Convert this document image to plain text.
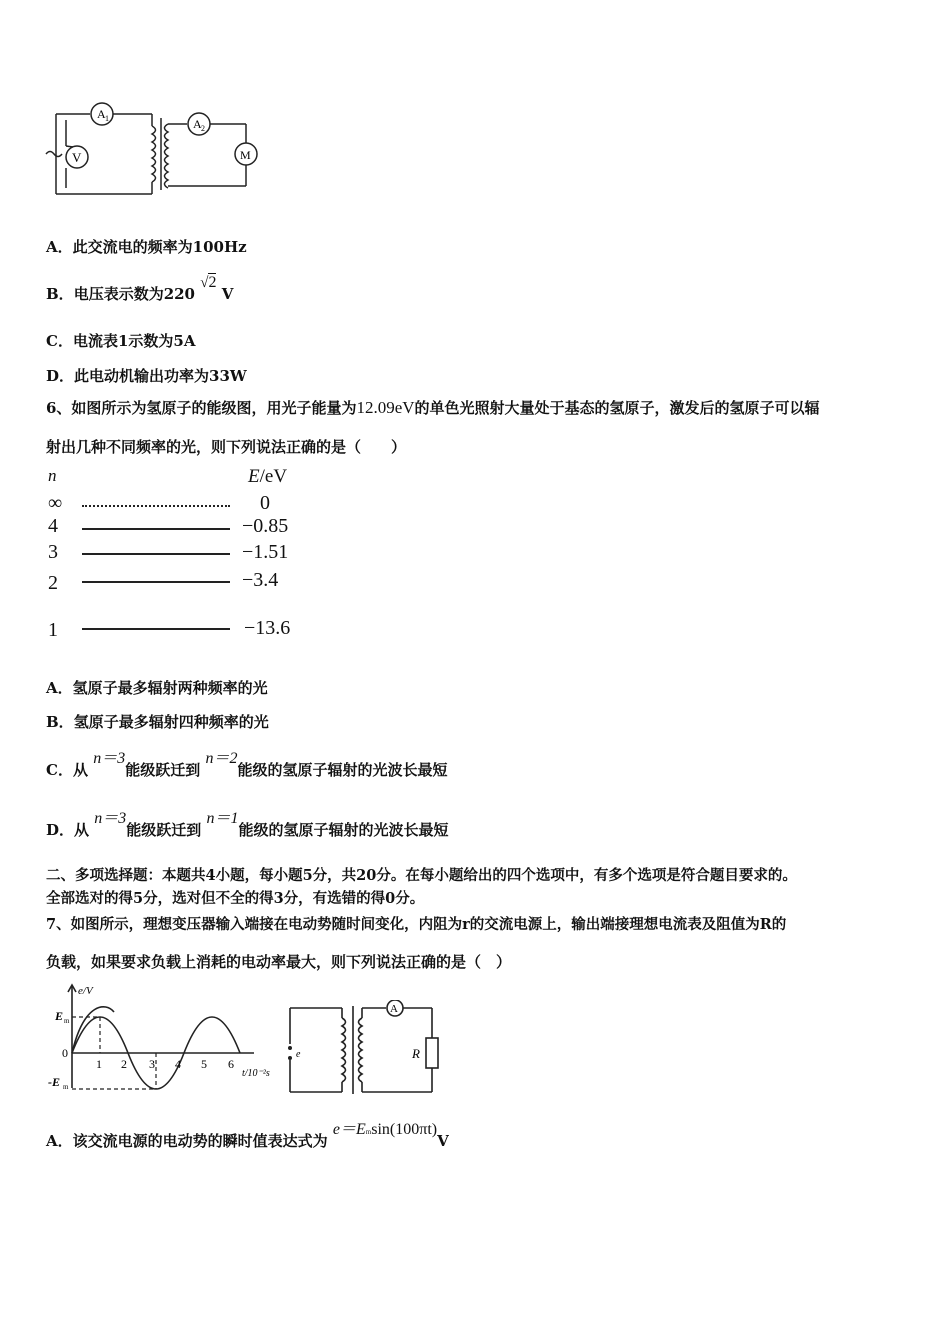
A 1
V
A 2
M
A．此交流电的频率为100Hz
B．电压表示数为220 √2 V
C．电流表1示数为5A
D．此电动机输出功率为33W
6、如图所示为氢原子的能级图，用光子能量为12.09eV的单色光照射大量处于基态的氢原子，激发后的氢原子可以辐
射出几种不同频率的光，则下列说法正确的是（　　）
n	E/eV
∞	0
4	−0.85
3	−1.51
2	−3.4
1	−13.6
A．氢原子最多辐射两种频率的光
B．氢原子最多辐射四种频率的光
C．从 n＝3能级跃迁到 n＝2能级的氢原子辐射的光波长最短
D．从 n＝3能级跃迁到 n＝1能级的氢原子辐射的光波长最短
二、多项选择题：本题共4小题，每小题5分，共20分。在每小题给出的四个选项中，有多个选项是符合题目要求的。
全部选对的得5分，选对但不全的得3分，有选错的得0分。
7、如图所示，理想变压器输入端接在电动势随时间变化，内阻为r的交流电源上，输出端接理想电流表及阻值为R的
负载，如果要求负载上消耗的电动率最大，则下列说法正确的是（　）
e/V
E m
0
-E m
1 2 3 4 5 6
t/10⁻²s
e
A
R
A．该交流电源的电动势的瞬时值表达式为 e＝Emsin(100πt)V
